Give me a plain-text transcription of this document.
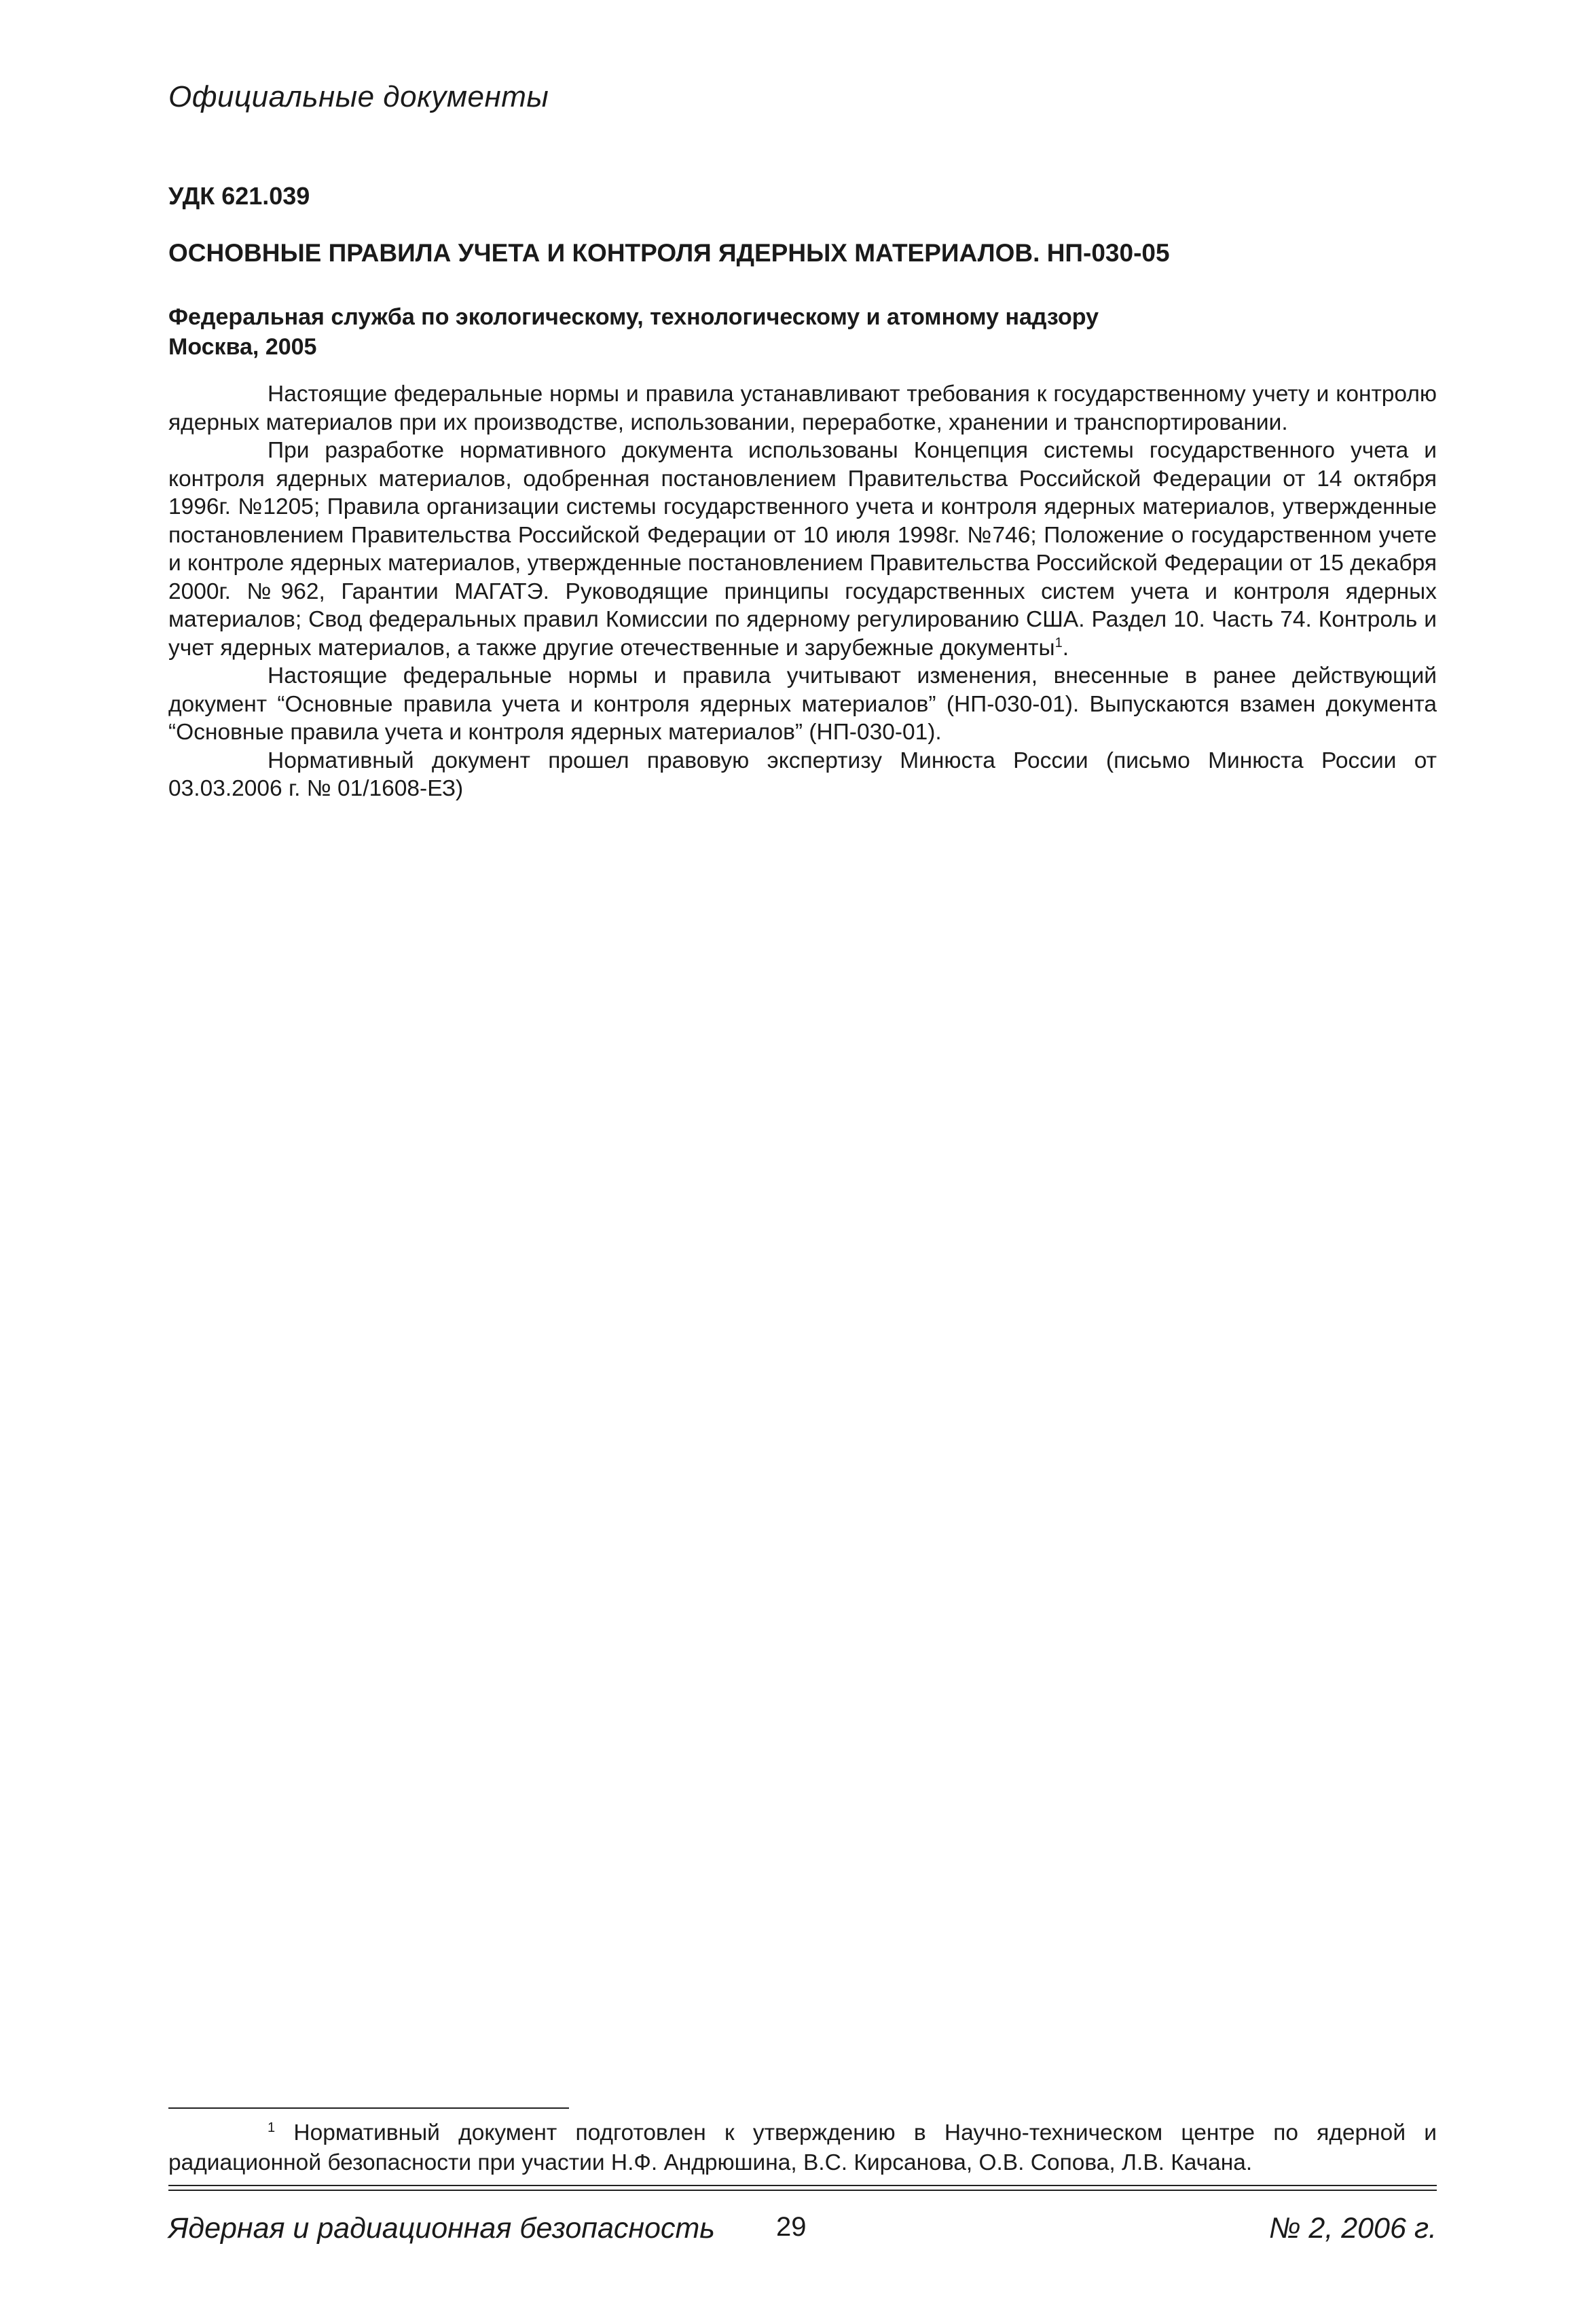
Официальные документы
УДК 621.039
ОСНОВНЫЕ ПРАВИЛА УЧЕТА И КОНТРОЛЯ ЯДЕРНЫХ МАТЕРИАЛОВ. НП-030-05
Федеральная служба по экологическому, технологическому и атомному надзору
Москва, 2005

Настоящие федеральные нормы и правила устанавливают требования к государственному учету и контролю ядерных материалов при их производстве, использовании, переработке, хранении и транспортировании.

При разработке нормативного документа использованы Концепция системы государственного учета и контроля ядерных материалов, одобренная постановлением Правительства Российской Федерации от 14 октября 1996г. №1205; Правила организации системы государственного учета и контроля ядерных материалов, утвержденные постановлением Правительства Российской Федерации от 10 июля 1998г. №746; Положение о государственном учете и контроле ядерных материалов, утвержденные постановлением Правительства Российской Федерации от 15 декабря 2000г. №962, Гарантии МАГАТЭ. Руководящие принципы государственных систем учета и контроля ядерных материалов; Свод федеральных правил Комиссии по ядерному регулированию США. Раздел 10. Часть 74. Контроль и учет ядерных материалов, а также другие отечественные и зарубежные документы$^1$.

Настоящие федеральные нормы и правила учитывают изменения, внесенные в ранее действующий документ “Основные правила учета и контроля ядерных материалов” (НП-030-01). Выпускаются взамен документа “Основные правила учета и контроля ядерных материалов” (НП-030-01).

Нормативный документ прошел правовую экспертизу Минюста России (письмо Минюста России от 03.03.2006 г. № 01/1608-ЕЗ)

$^1$ Нормативный документ подготовлен к утверждению в Научно-техническом центре по ядерной и радиационной безопасности при участии Н.Ф. Андрюшина, В.С. Кирсанова, О.В. Сопова, Л.В. Качана.

Ядерная и радиационная безопасность 29	№ 2, 2006 г.
